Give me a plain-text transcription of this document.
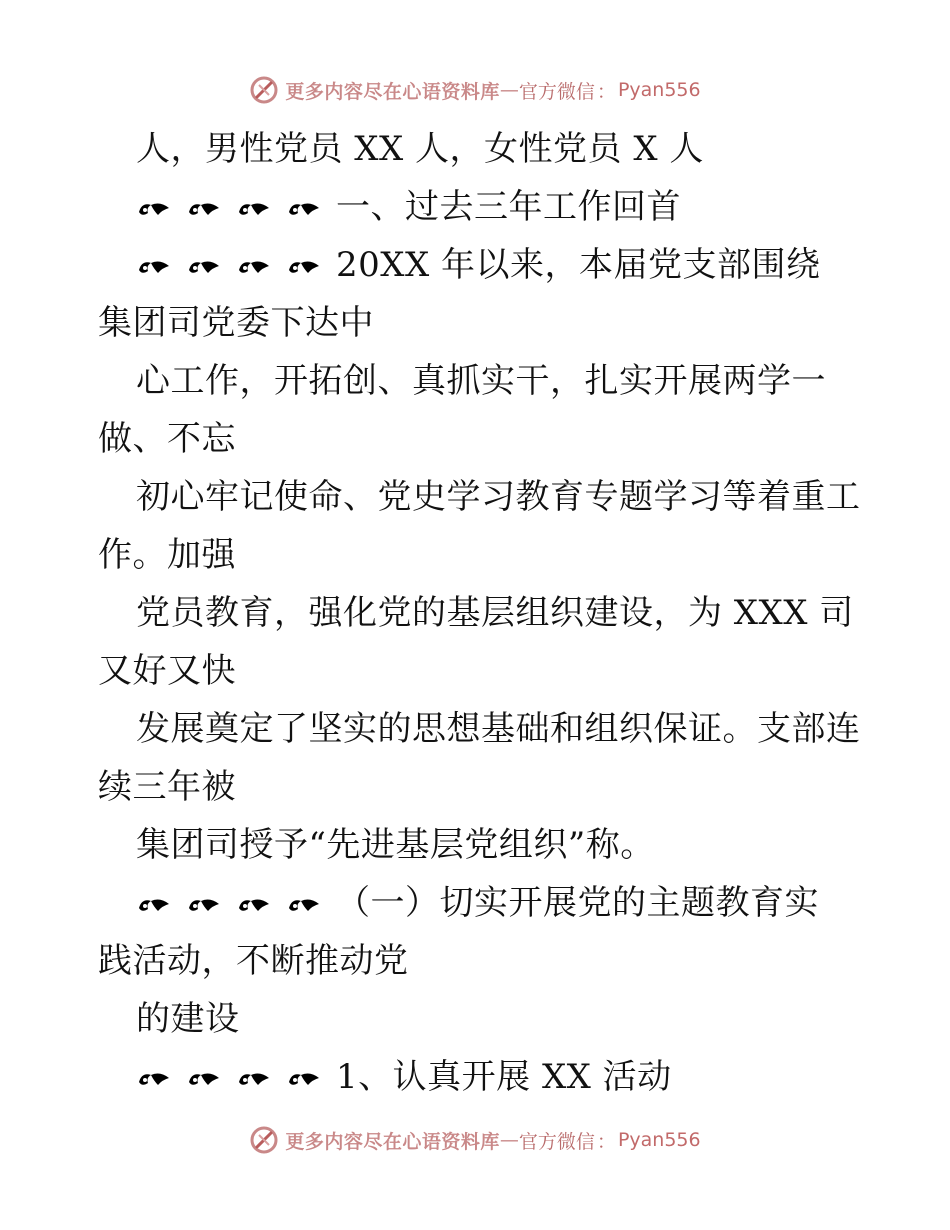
更多内容尽在心语资料库 — 官方微信 ： Pyan556
人，男性党员 XX 人，女性党员 X 人
一、过去三年工作回首
20XX 年以来，本届党支部围绕
集团司党委下达中
心工作，开拓创、真抓实干，扎实开展两学一
做、不忘
初心牢记使命、党史学习教育专题学习等着重工
作。加强
党员教育，强化党的基层组织建设，为 XXX 司
又好又快
发展奠定了坚实的思想基础和组织保证。支部连
续三年被
集团司授予“先进基层党组织”称。
（一）切实开展党的主题教育实
践活动，不断推动党
的建设
1、认真开展 XX 活动
更多内容尽在心语资料库 — 官方微信 ： Pyan556
